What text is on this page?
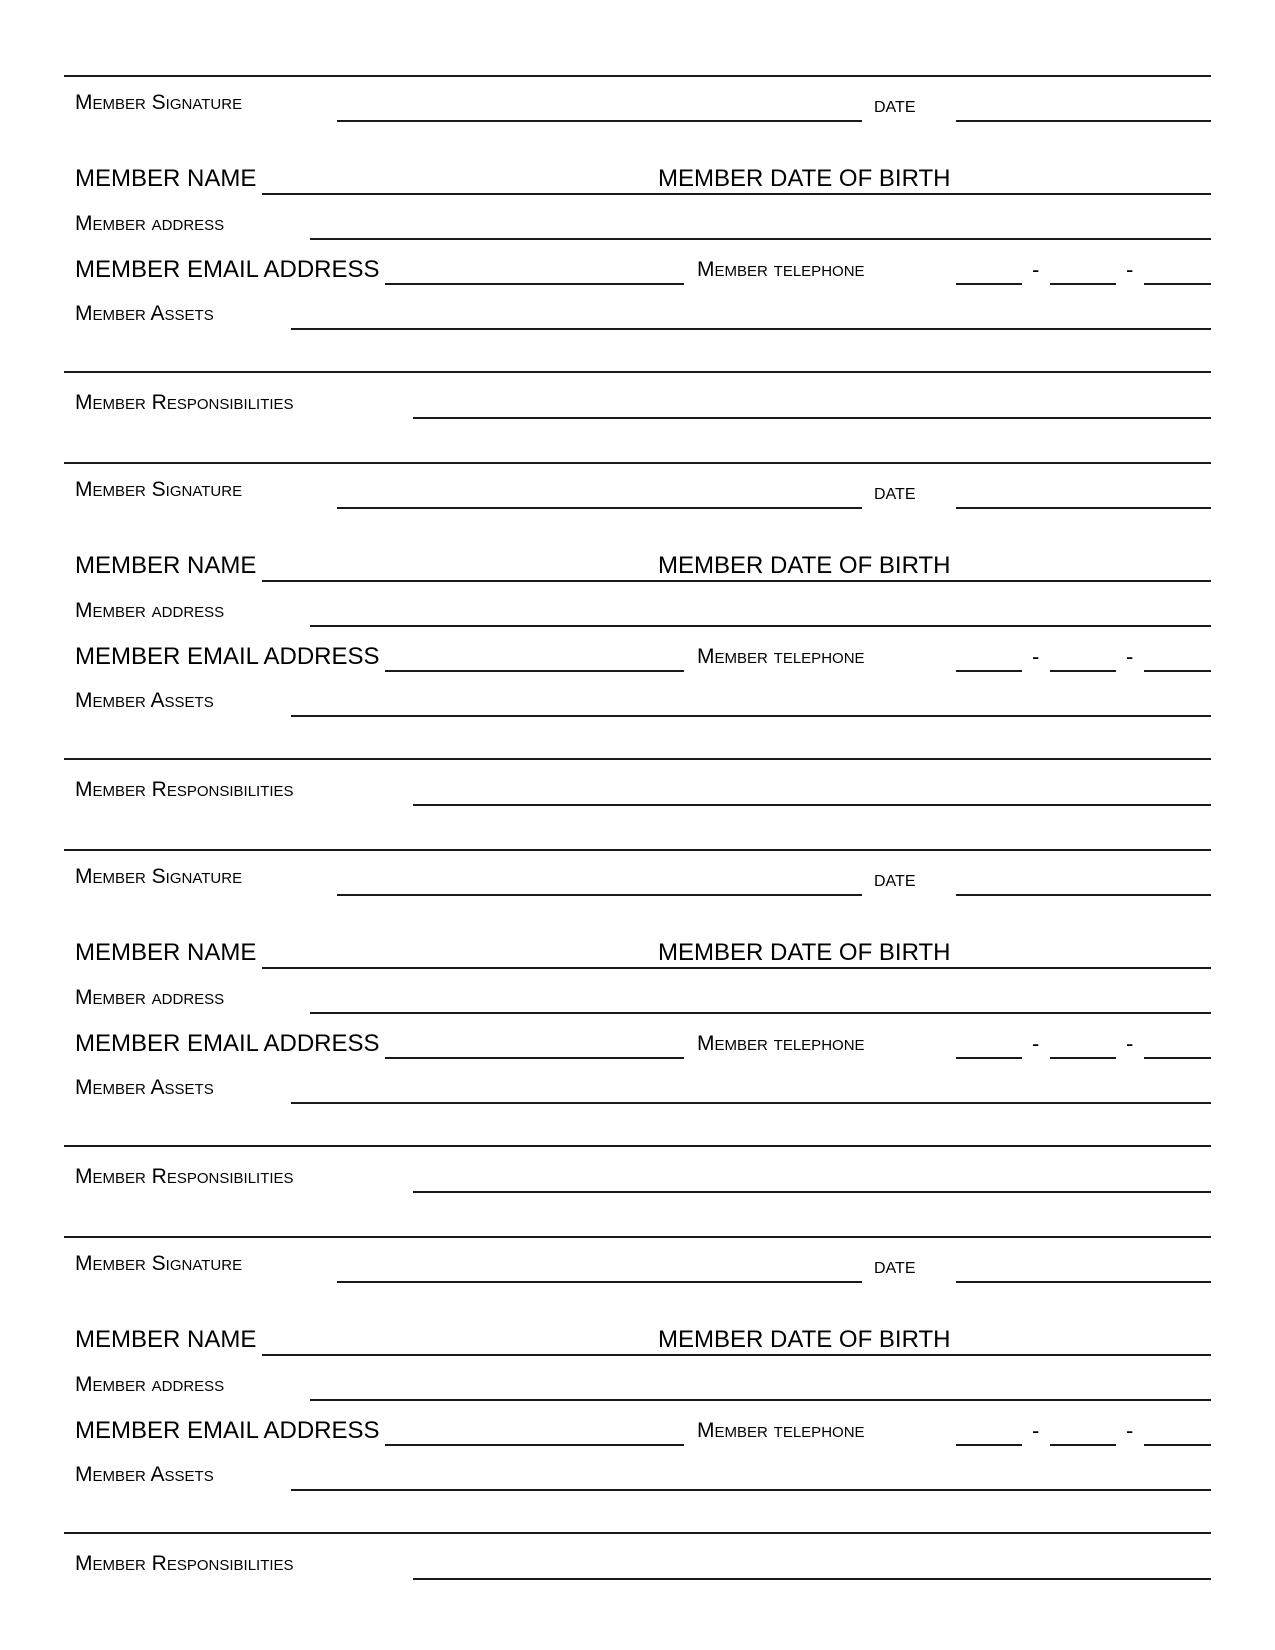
Member Signature	DATE
MEMBER NAME	MEMBER DATE OF BIRTH
Member address
MEMBER EMAIL ADDRESS	Member telephone	-	-
Member Assets
Member Responsibilities
Member Signature	DATE
MEMBER NAME	MEMBER DATE OF BIRTH
Member address
MEMBER EMAIL ADDRESS	Member telephone	-	-
Member Assets
Member Responsibilities
Member Signature	DATE
MEMBER NAME	MEMBER DATE OF BIRTH
Member address
MEMBER EMAIL ADDRESS	Member telephone	-	-
Member Assets
Member Responsibilities
Member Signature	DATE
MEMBER NAME	MEMBER DATE OF BIRTH
Member address
MEMBER EMAIL ADDRESS	Member telephone	-	-
Member Assets
Member Responsibilities
